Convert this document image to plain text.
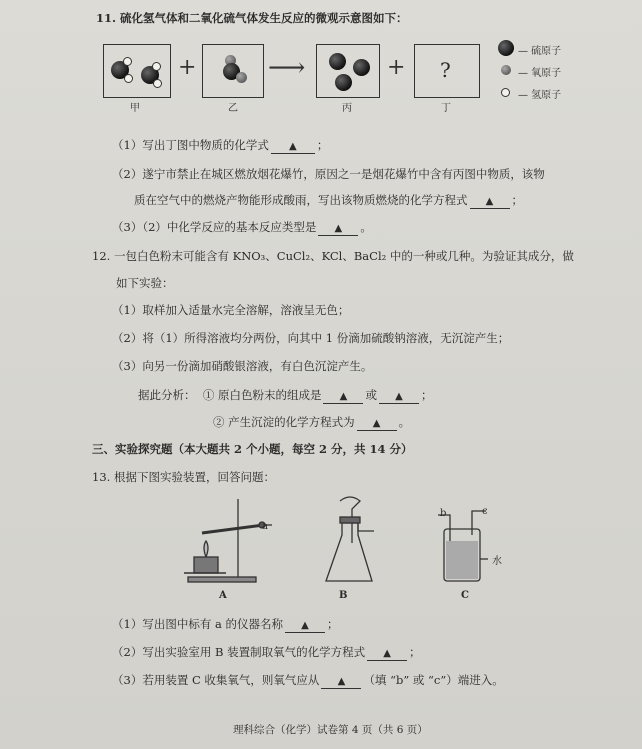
11. 硫化氢气体和二氧化硫气体发生反应的微观示意图如下：
+	⟶	+ ?
甲	乙	丙	丁
— 硫原子
— 氧原子
— 氢原子
（1）写出丁图中物质的化学式 ▲ ；
（2）遂宁市禁止在城区燃放烟花爆竹，原因之一是烟花爆竹中含有丙图中物质，该物
质在空气中的燃烧产物能形成酸雨，写出该物质燃烧的化学方程式 ▲ ；
（3）（2）中化学反应的基本反应类型是 ▲ 。
12. 一包白色粉末可能含有 KNO₃、CuCl₂、KCl、BaCl₂ 中的一种或几种。为验证其成分，做
如下实验：
（1）取样加入适量水完全溶解，溶液呈无色；
（2）将（1）所得溶液均分两份，向其中 1 份滴加硫酸钠溶液，无沉淀产生；
（3）向另一份滴加硝酸银溶液，有白色沉淀产生。
据此分析： ① 原白色粉末的组成是 ▲ 或 ▲ ；
② 产生沉淀的化学方程式为 ▲ 。
三、实验探究题（本大题共 2 个小题，每空 2 分，共 14 分）
13. 根据下图实验装置，回答问题：
a
b	c
水
A	B	C
（1）写出图中标有 a 的仪器名称 ▲ ；
（2）写出实验室用 B 装置制取氧气的化学方程式 ▲ ；
（3）若用装置 C 收集氧气，则氧气应从 ▲ （填 “b” 或 “c”）端进入。
理科综合（化学）试卷第 4 页（共 6 页）
